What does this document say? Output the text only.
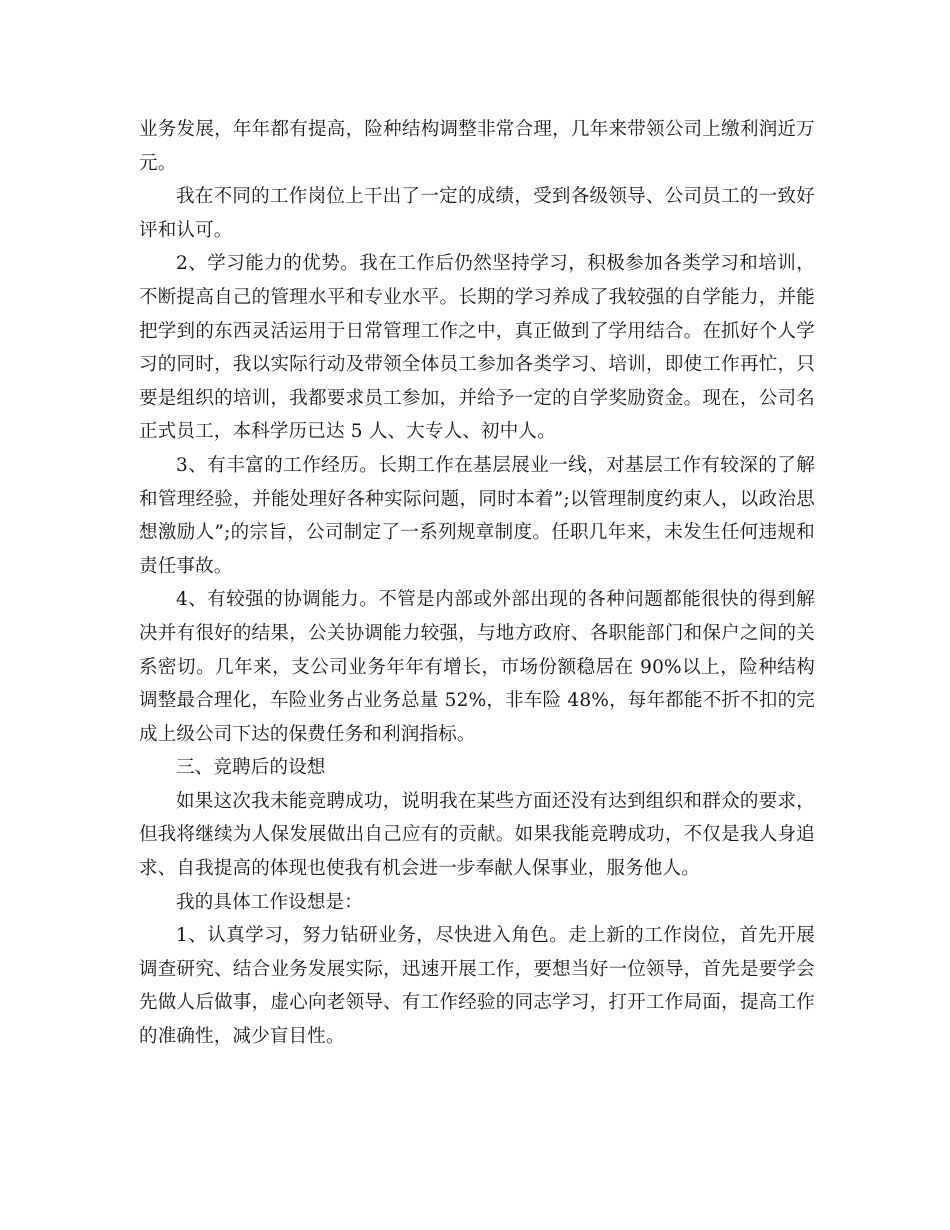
业务发展，年年都有提高，险种结构调整非常合理，几年来带领公司上缴利润近万元。

我在不同的工作岗位上干出了一定的成绩，受到各级领导、公司员工的一致好评和认可。

2、学习能力的优势。我在工作后仍然坚持学习，积极参加各类学习和培训，不断提高自己的管理水平和专业水平。长期的学习养成了我较强的自学能力，并能把学到的东西灵活运用于日常管理工作之中，真正做到了学用结合。在抓好个人学习的同时，我以实际行动及带领全体员工参加各类学习、培训，即使工作再忙，只要是组织的培训，我都要求员工参加，并给予一定的自学奖励资金。现在，公司名正式员工，本科学历已达 5 人、大专人、初中人。

3、有丰富的工作经历。长期工作在基层展业一线，对基层工作有较深的了解和管理经验，并能处理好各种实际问题，同时本着”;以管理制度约束人，以政治思想激励人”;的宗旨，公司制定了一系列规章制度。任职几年来，未发生任何违规和责任事故。

4、有较强的协调能力。不管是内部或外部出现的各种问题都能很快的得到解决并有很好的结果，公关协调能力较强，与地方政府、各职能部门和保户之间的关系密切。几年来，支公司业务年年有增长，市场份额稳居在 90%以上，险种结构调整最合理化，车险业务占业务总量 52%，非车险 48%，每年都能不折不扣的完成上级公司下达的保费任务和利润指标。

三、竞聘后的设想

如果这次我未能竞聘成功，说明我在某些方面还没有达到组织和群众的要求，但我将继续为人保发展做出自己应有的贡献。如果我能竞聘成功，不仅是我人身追求、自我提高的体现也使我有机会进一步奉献人保事业，服务他人。

我的具体工作设想是：

1、认真学习，努力钻研业务，尽快进入角色。走上新的工作岗位，首先开展调查研究、结合业务发展实际，迅速开展工作，要想当好一位领导，首先是要学会先做人后做事，虚心向老领导、有工作经验的同志学习，打开工作局面，提高工作的准确性，减少盲目性。
